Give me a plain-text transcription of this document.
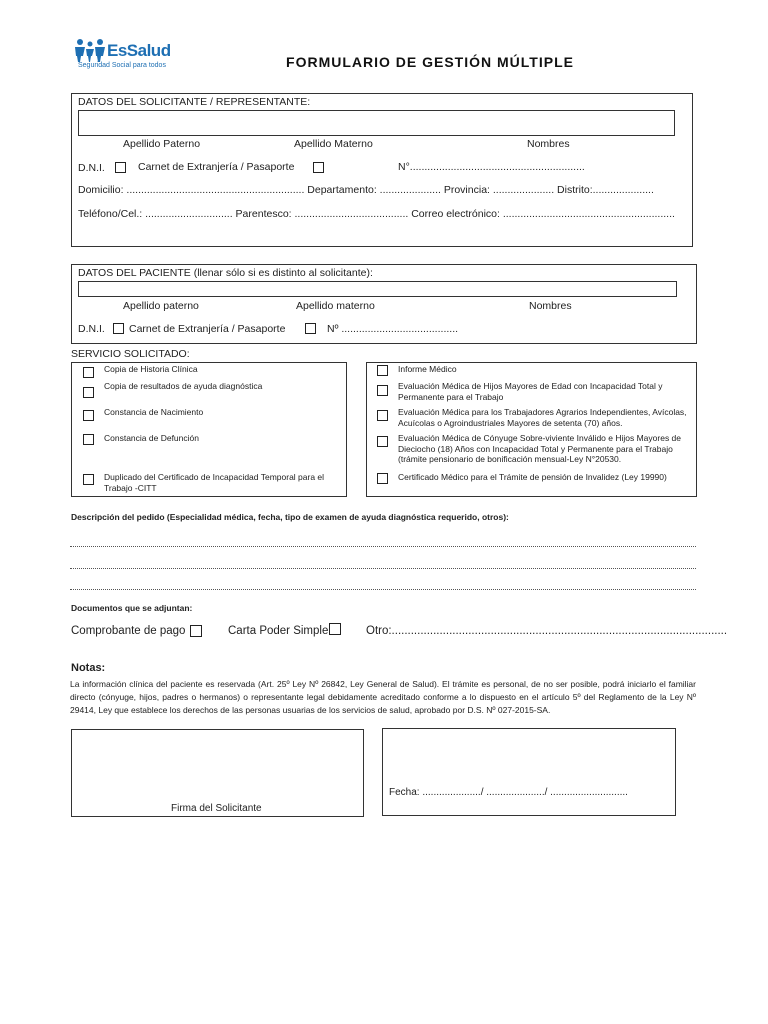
EsSalud
Seguridad Social para todos	FORMULARIO DE GESTIÓN MÚLTIPLE
DATOS DEL SOLICITANTE / REPRESENTANTE:
Apellido Paterno	Apellido Materno	Nombres
D.N.I.	Carnet de Extranjería / Pasaporte	N°............................................................
Domicilio: ............................................................. Departamento: ..................... Provincia: ..................... Distrito:.....................
Teléfono/Cel.: .............................. Parentesco: ....................................... Correo electrónico: ...........................................................
DATOS DEL PACIENTE (llenar sólo si es distinto al solicitante):
Apellido paterno	Apellido materno	Nombres
D.N.I. Carnet de Extranjería / Pasaporte	Nº ........................................
SERVICIO SOLICITADO:
Copia de Historia Clínica
Copia de resultados de ayuda diagnóstica
Constancia de Nacimiento
Constancia de Defunción
Duplicado del Certificado de Incapacidad Temporal para el Trabajo -CITT
Informe Médico
Evaluación Médica de Hijos Mayores de Edad con Incapacidad Total y Permanente para el Trabajo
Evaluación Médica para los Trabajadores Agrarios Independientes, Avícolas, Acuícolas o Agroindustriales Mayores de setenta (70) años.
Evaluación Médica de Cónyuge Sobre-viviente Inválido e Hijos Mayores de Dieciocho (18) Años con Incapacidad Total y Permanente para el Trabajo (trámite pensionario de bonificación mensual-Ley N°20530.
Certificado Médico para el Trámite de pensión de Invalidez (Ley 19990)
Descripción del pedido (Especialidad médica, fecha, tipo de examen de ayuda diagnóstica requerido, otros):
Documentos que se adjuntan:
Comprobante de pago	Carta Poder Simple	Otro:.........................................................................................................
Notas:
La información clínica del paciente es reservada (Art. 25º Ley Nº 26842, Ley General de Salud). El trámite es personal, de no ser posible, podrá iniciarlo el familiar directo (cónyuge, hijos, padres o hermanos) o representante legal debidamente acreditado conforme a lo dispuesto en el artículo 5º del Reglamento de la Ley Nº 29414, Ley que establece los derechos de las personas usuarias de los servicios de salud, aprobado por D.S. Nº 027-2015-SA.
Firma del Solicitante
Fecha: ...................../ ...................../ ............................
